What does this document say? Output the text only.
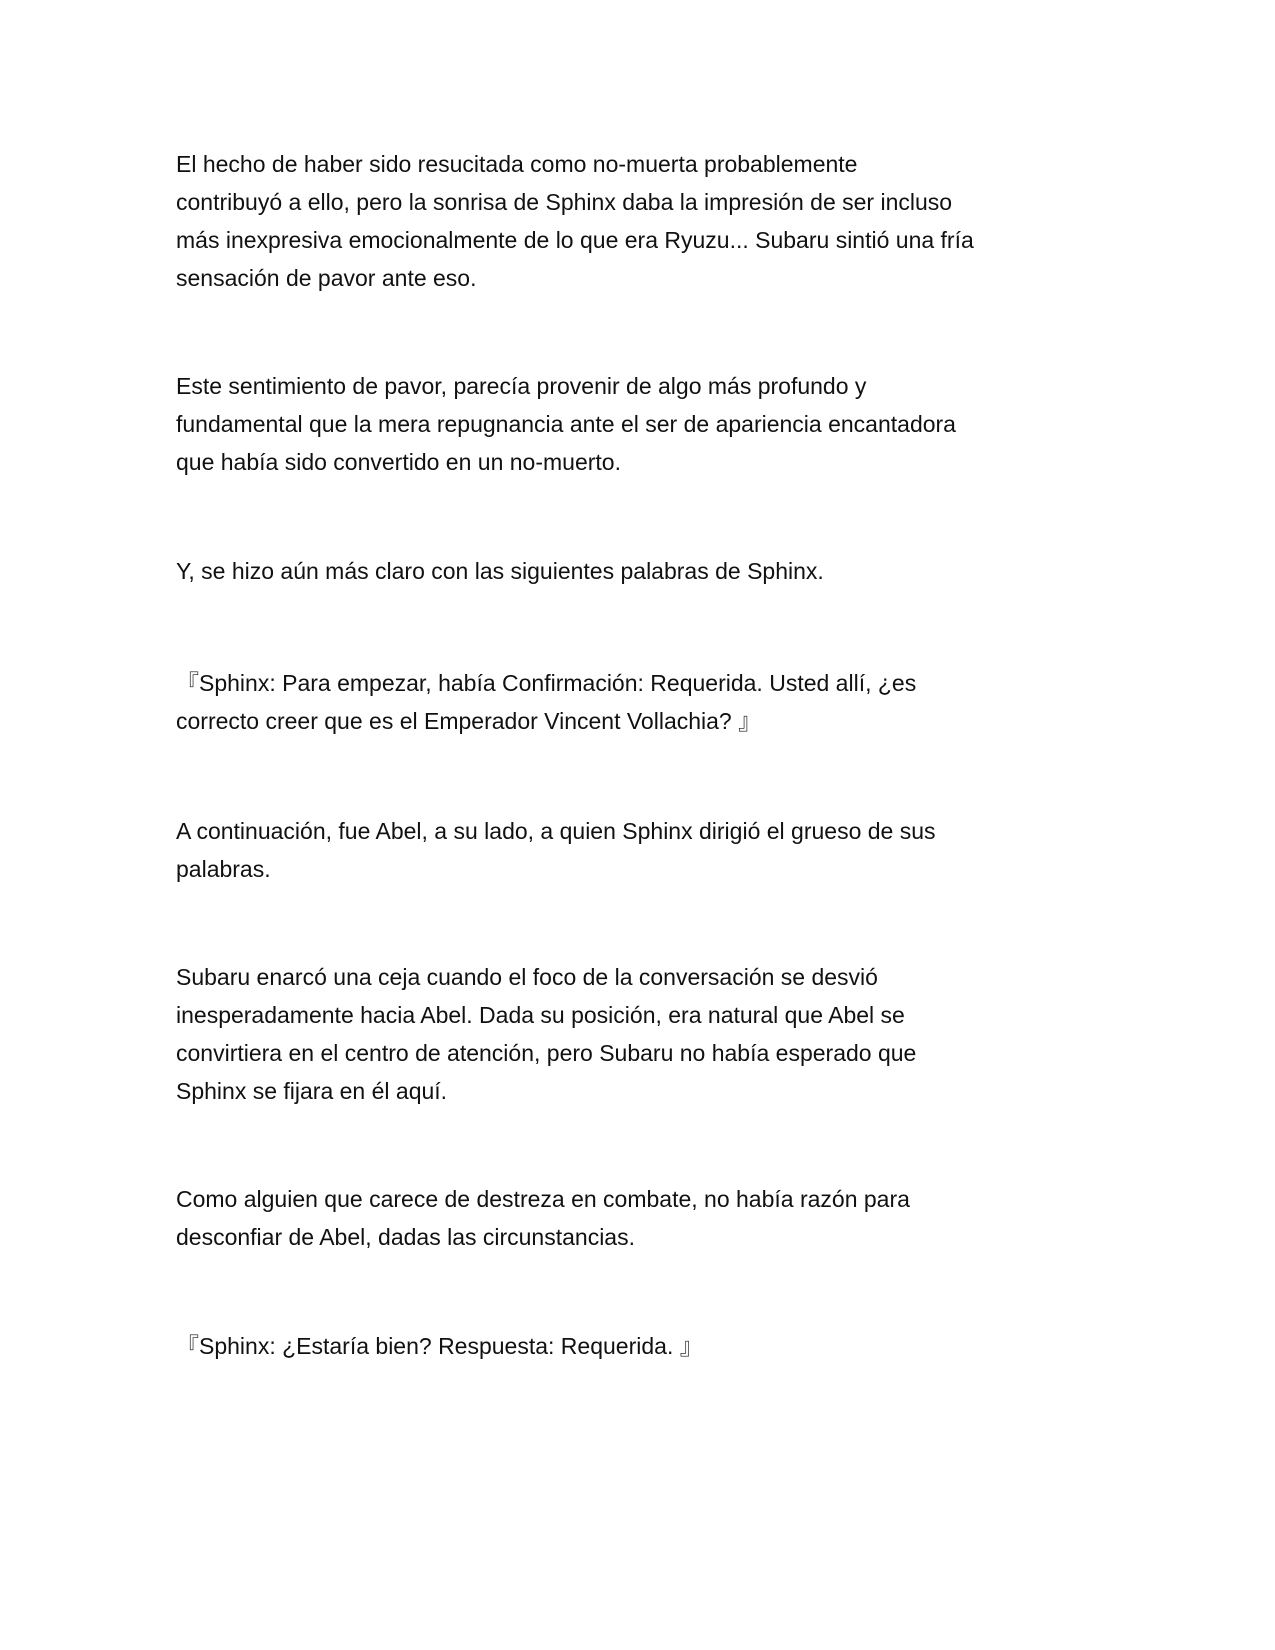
El hecho de haber sido resucitada como no-muerta probablemente
contribuyó a ello, pero la sonrisa de Sphinx daba la impresión de ser incluso
más inexpresiva emocionalmente de lo que era Ryuzu... Subaru sintió una fría
sensación de pavor ante eso.

Este sentimiento de pavor, parecía provenir de algo más profundo y
fundamental que la mera repugnancia ante el ser de apariencia encantadora
que había sido convertido en un no-muerto.

Y, se hizo aún más claro con las siguientes palabras de Sphinx.

『Sphinx: Para empezar, había Confirmación: Requerida. Usted allí, ¿es
correcto creer que es el Emperador Vincent Vollachia? 』

A continuación, fue Abel, a su lado, a quien Sphinx dirigió el grueso de sus
palabras.

Subaru enarcó una ceja cuando el foco de la conversación se desvió
inesperadamente hacia Abel. Dada su posición, era natural que Abel se
convirtiera en el centro de atención, pero Subaru no había esperado que
Sphinx se fijara en él aquí.

Como alguien que carece de destreza en combate, no había razón para
desconfiar de Abel, dadas las circunstancias.

『Sphinx: ¿Estaría bien? Respuesta: Requerida. 』
